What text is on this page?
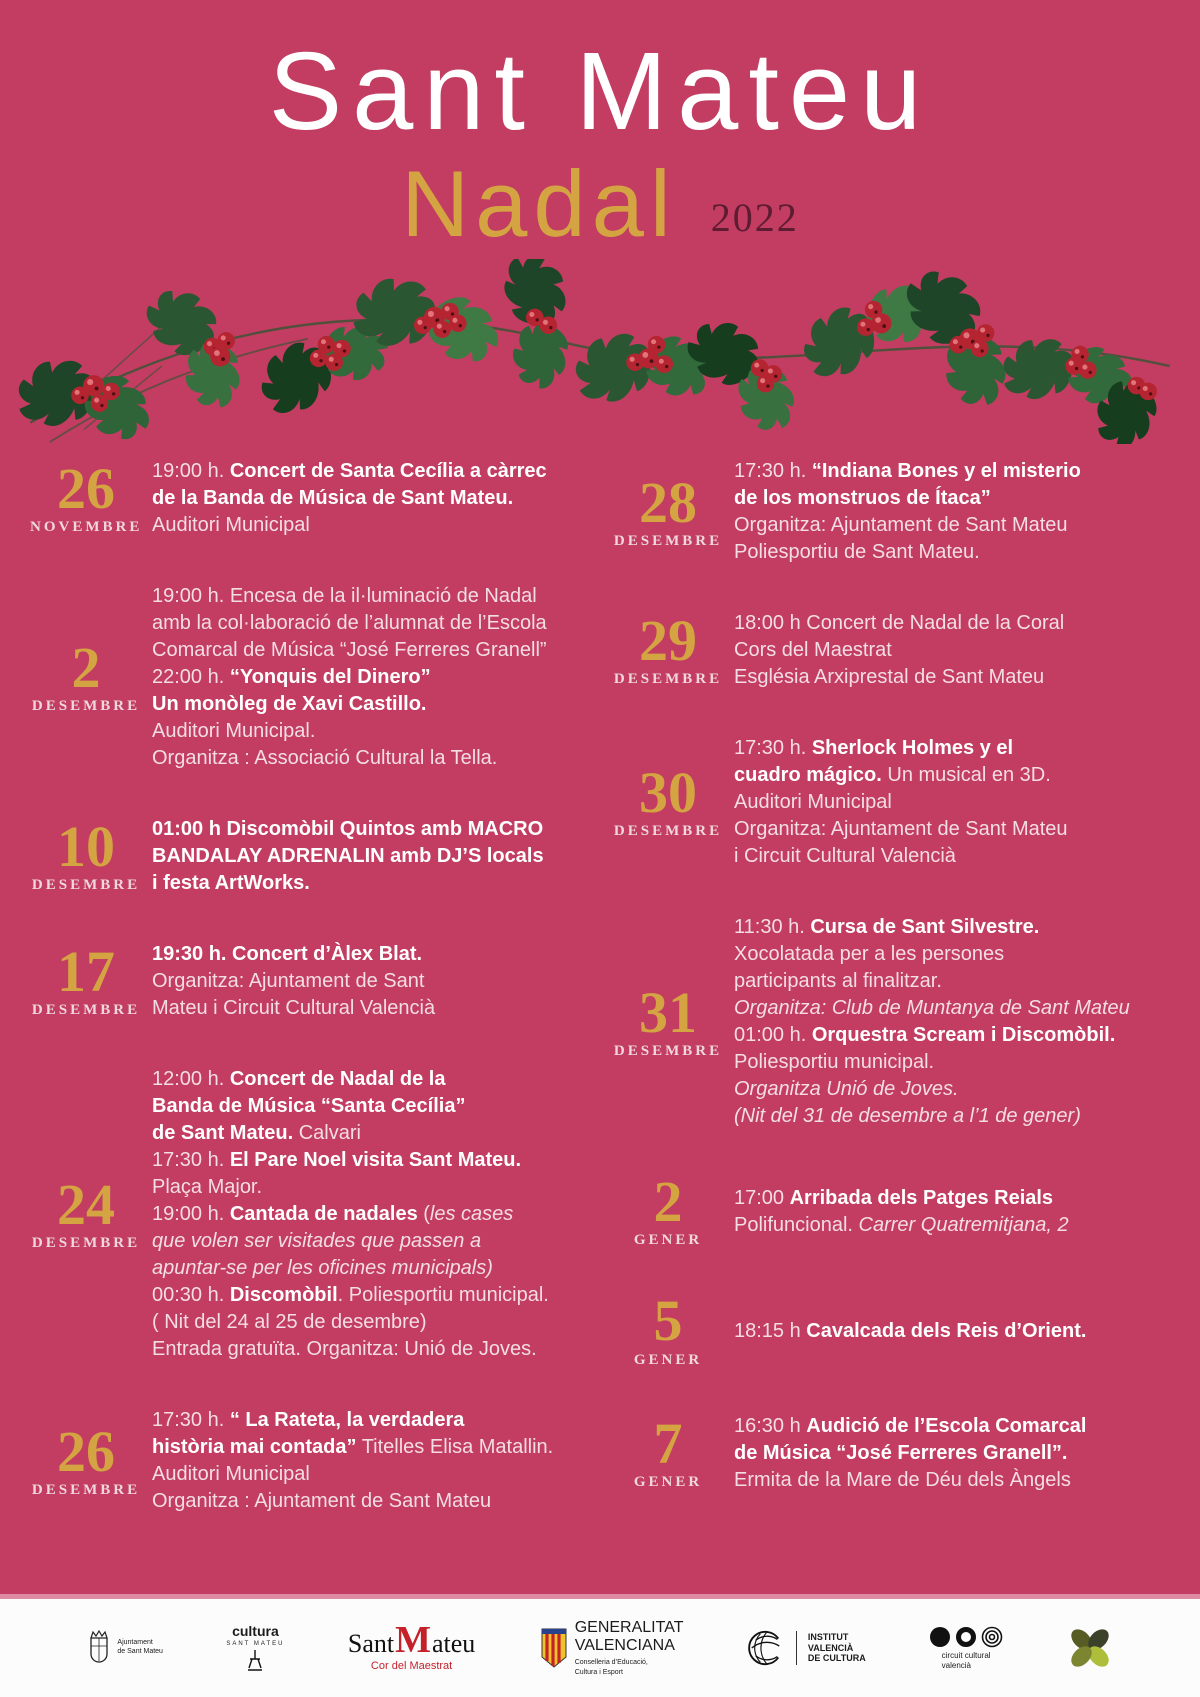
Sant Mateu
Nadal 2022
26
NOVEMBRE
19:00 h. Concert de Santa Cecília a càrrec
de la Banda de Música de Sant Mateu.
Auditori Municipal
2
DESEMBRE
19:00 h. Encesa de la il·luminació de Nadal
amb la col·laboració de l’alumnat de l’Escola
Comarcal de Música “José Ferreres Granell”
22:00 h. “Yonquis del Dinero”
Un monòleg de Xavi Castillo.
Auditori Municipal.
Organitza : Associació Cultural la Tella.
10
DESEMBRE
01:00 h Discomòbil Quintos amb MACRO
BANDALAY ADRENALIN amb DJ’S locals
i festa ArtWorks.
17
DESEMBRE
19:30 h. Concert d’Àlex Blat.
Organitza: Ajuntament de Sant
Mateu i Circuit Cultural Valencià
24
DESEMBRE
12:00 h. Concert de Nadal de la
Banda de Música “Santa Cecília”
de Sant Mateu. Calvari
17:30 h. El Pare Noel visita Sant Mateu.
Plaça Major.
19:00 h. Cantada de nadales (les cases
que volen ser visitades que passen a
apuntar-se per les oficines municipals)
00:30 h. Discomòbil. Poliesportiu municipal.
( Nit del 24 al 25 de desembre)
Entrada gratuïta. Organitza: Unió de Joves.
26
DESEMBRE
17:30 h. “ La Rateta, la verdadera
història mai contada” Titelles Elisa Matallin.
Auditori Municipal
Organitza : Ajuntament de Sant Mateu
28
DESEMBRE
17:30 h. “Indiana Bones y el misterio
de los monstruos de Ítaca”
Organitza: Ajuntament de Sant Mateu
Poliesportiu de Sant Mateu.
29
DESEMBRE
18:00 h Concert de Nadal de la Coral
Cors del Maestrat
Església Arxiprestal de Sant Mateu
30
DESEMBRE
17:30 h. Sherlock Holmes y el
cuadro mágico. Un musical en 3D.
Auditori Municipal
Organitza: Ajuntament de Sant Mateu
i Circuit Cultural Valencià
31
DESEMBRE
11:30 h. Cursa de Sant Silvestre.
Xocolatada per a les persones
participants al finalitzar.
Organitza: Club de Muntanya de Sant Mateu
01:00 h. Orquestra Scream i Discomòbil.
Poliesportiu municipal.
Organitza Unió de Joves.
(Nit del 31 de desembre a l’1 de gener)
2
GENER
17:00 Arribada dels Patges Reials
Polifuncional. Carrer Quatremitjana, 2
5
GENER
18:15 h Cavalcada dels Reis d’Orient.
7
GENER
16:30 h Audició de l’Escola Comarcal
de Música “José Ferreres Granell”.
Ermita de la Mare de Déu dels Àngels
Ajuntament
de Sant Mateu
cultura
SANT MATEU Sant M ateu
Cor del Maestrat
GENERALITAT
VALENCIANA
Conselleria d’Educació,
Cultura i Esport
INSTITUT
VALENCIÀ
DE CULTURA	circuit cultural
valencià
